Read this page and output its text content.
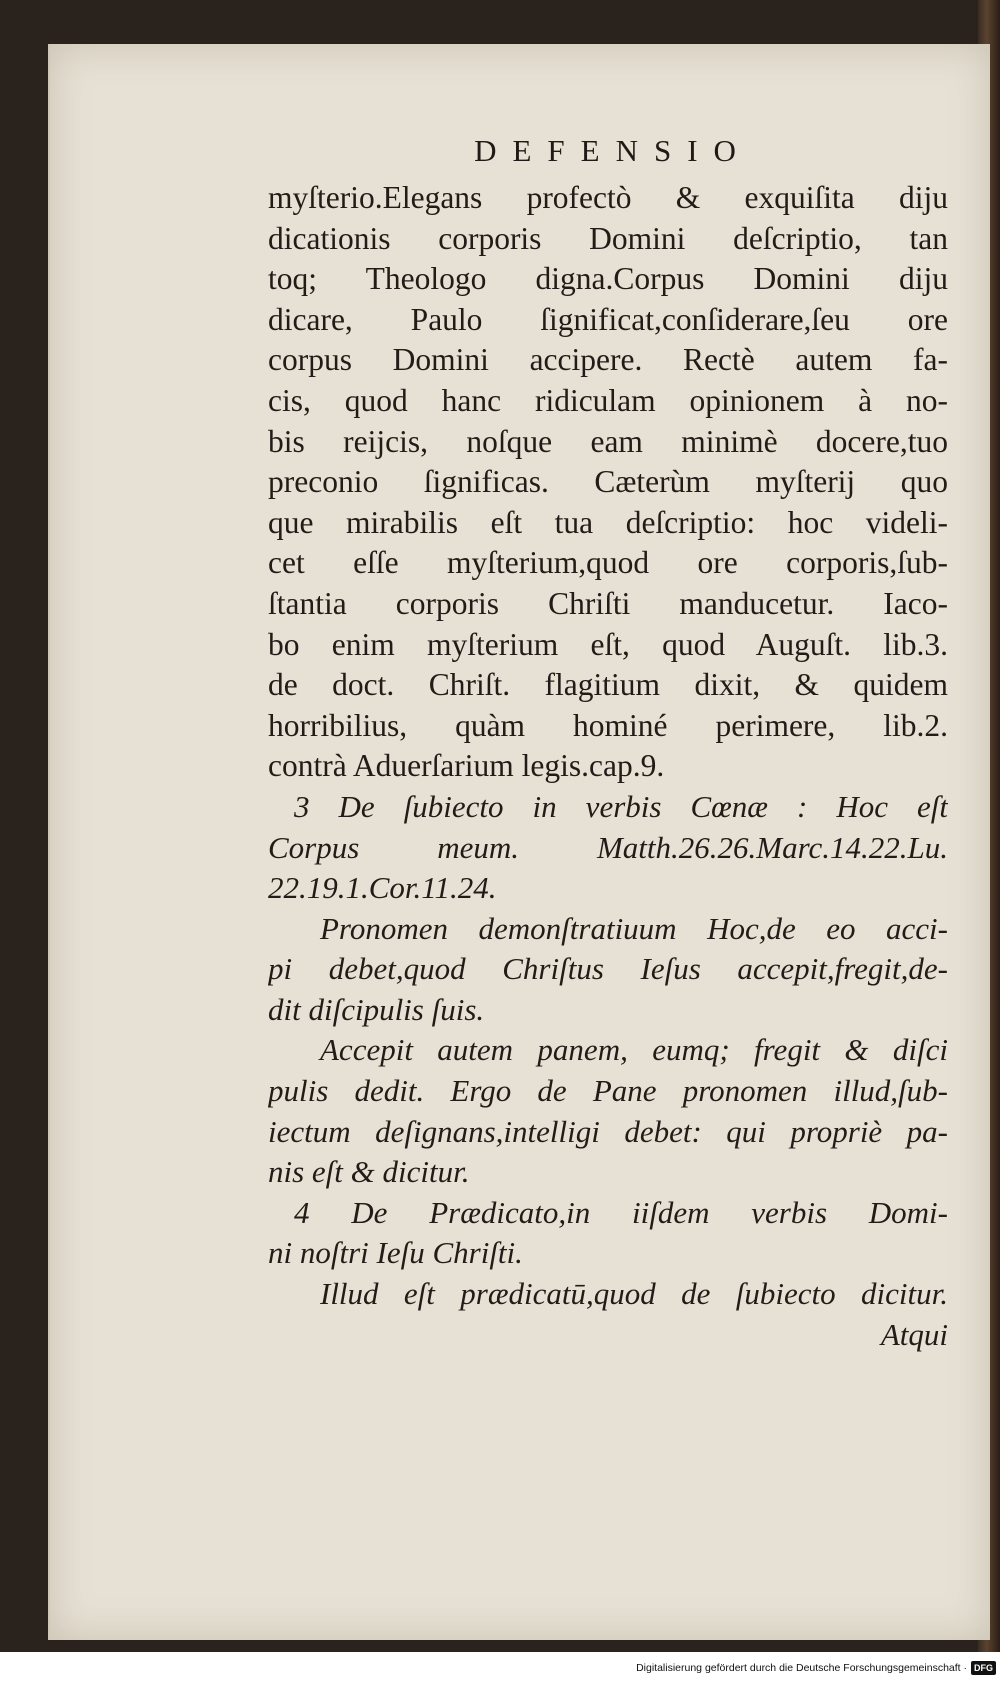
DEFENSIO
myſterio.Elegans profectò & exquiſita diju
dicationis corporis Domini deſcriptio, tan
toq; Theologo digna.Corpus Domini diju
dicare, Paulo ſignificat,conſiderare,ſeu ore
corpus Domini accipere. Rectè autem fa-
cis, quod hanc ridiculam opinionem à no-
bis reijcis, noſque eam minimè docere,tuo
preconio ſignificas. Cæterùm myſterij quo
que mirabilis eſt tua deſcriptio: hoc videli-
cet eſſe myſterium,quod ore corporis,ſub-
ſtantia corporis Chriſti manducetur. Iaco-
bo enim myſterium eſt, quod Auguſt. lib.3.
de doct. Chriſt. flagitium dixit, & quidem
horribilius, quàm hominé perimere, lib.2.
contrà Aduerſarium legis.cap.9.
3 De ſubiecto in verbis Cœnæ : Hoc eſt
Corpus meum. Matth.26.26.Marc.14.22.Lu.
22.19.1.Cor.11.24.
Pronomen demonſtratiuum Hoc,de eo acci-
pi debet,quod Chriſtus Ieſus accepit,fregit,de-
dit diſcipulis ſuis.
Accepit autem panem, eumq; fregit & diſci
pulis dedit. Ergo de Pane pronomen illud,ſub-
iectum deſignans,intelligi debet: qui propriè pa-
nis eſt & dicitur.
4 De Prædicato,in iiſdem verbis Domi-
ni noſtri Ieſu Chriſti.
Illud eſt prædicatū,quod de ſubiecto dicitur.
Atqui
Digitalisierung gefördert durch die Deutsche Forschungsgemeinschaft · DFG
